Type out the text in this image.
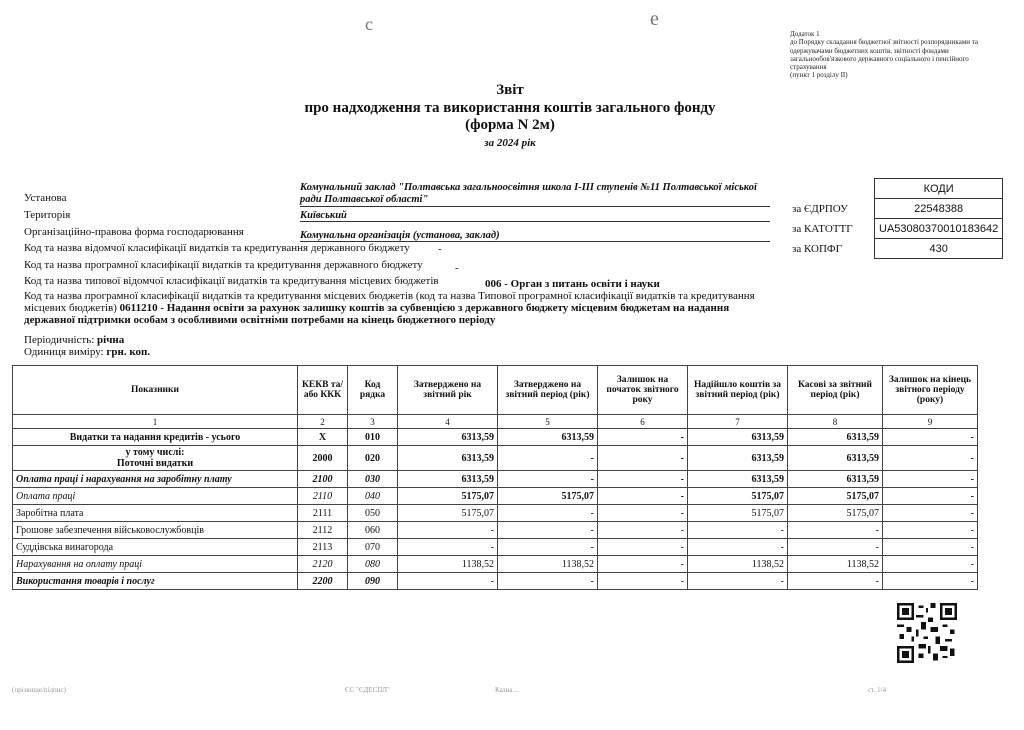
c	е
Додаток 1
до Порядку складання бюджетної звітності розпорядниками та одержувачами бюджетних коштів, звітності фондами загальнообов'язкового державного соціального і пенсійного страхування
(пункт 1 розділу II)
Звіт
про надходження та використання коштів загального фонду
(форма N 2м)
за 2024 рік
Установа
Комунальний заклад "Полтавська загальноосвітня школа І-ІІІ ступенів №11 Полтавської міської ради Полтавської області"
Територія	Київський
Організаційно-правова форма господарювання	Комунальна організація (установа, заклад)
Код та назва відомчої класифікації видатків та кредитування державного бюджету	-
Код та назва програмної класифікації видатків та кредитування державного бюджету	-
Код та назва типової відомчої класифікації видатків та кредитування місцевих бюджетів	006 - Орган з питань освіти і науки
Код та назва програмної класифікації видатків та кредитування місцевих бюджетів (код та назва Типової програмної класифікації видатків та кредитування місцевих бюджетів) 0611210 - Надання освіти за рахунок залишку коштів за субвенцією з державного бюджету місцевим бюджетам на надання державної підтримки особам з особливими освітніми потребами на кінець бюджетного періоду
Періодичність: річна
Одиниця виміру: грн. коп.
	КОДИ
за ЄДРПОУ	22548388
за КАТОТТГ	UA53080370010183642
за КОПФГ	430
Показники	КЕКВ та/або ККК	Код рядка	Затверджено на звітний рік	Затверджено на звітний період (рік)	Залишок на початок звітного року	Надійшло коштів за звітний період (рік)	Касові за звітний період (рік)	Залишок на кінець звітного періоду (року)
1	2	3	4	5	6	7	8	9
Видатки та надання кредитів - усього	X	010	6313,59	6313,59	-	6313,59	6313,59	-
у тому числі:
Поточні видатки	2000	020	6313,59	-	-	6313,59	6313,59	-
Оплата праці і нарахування на заробітну плату	2100	030	6313,59	-	-	6313,59	6313,59	-
Оплата праці	2110	040	5175,07	5175,07	-	5175,07	5175,07	-
Заробітна плата	2111	050	5175,07	-	-	5175,07	5175,07	-
Грошове забезпечення військовослужбовців	2112	060	-	-	-	-	-	-
Суддівська винагорода	2113	070	-	-	-	-	-	-
Нарахування на оплату праці	2120	080	1138,52	1138,52	-	1138,52	1138,52	-
Використання товарів і послуг	2200	090	-	-	-	-	-	-
(прізвище/підпис)	ЄС "ЄДЕСПЛ"	Казна ...	ст. 1/4
